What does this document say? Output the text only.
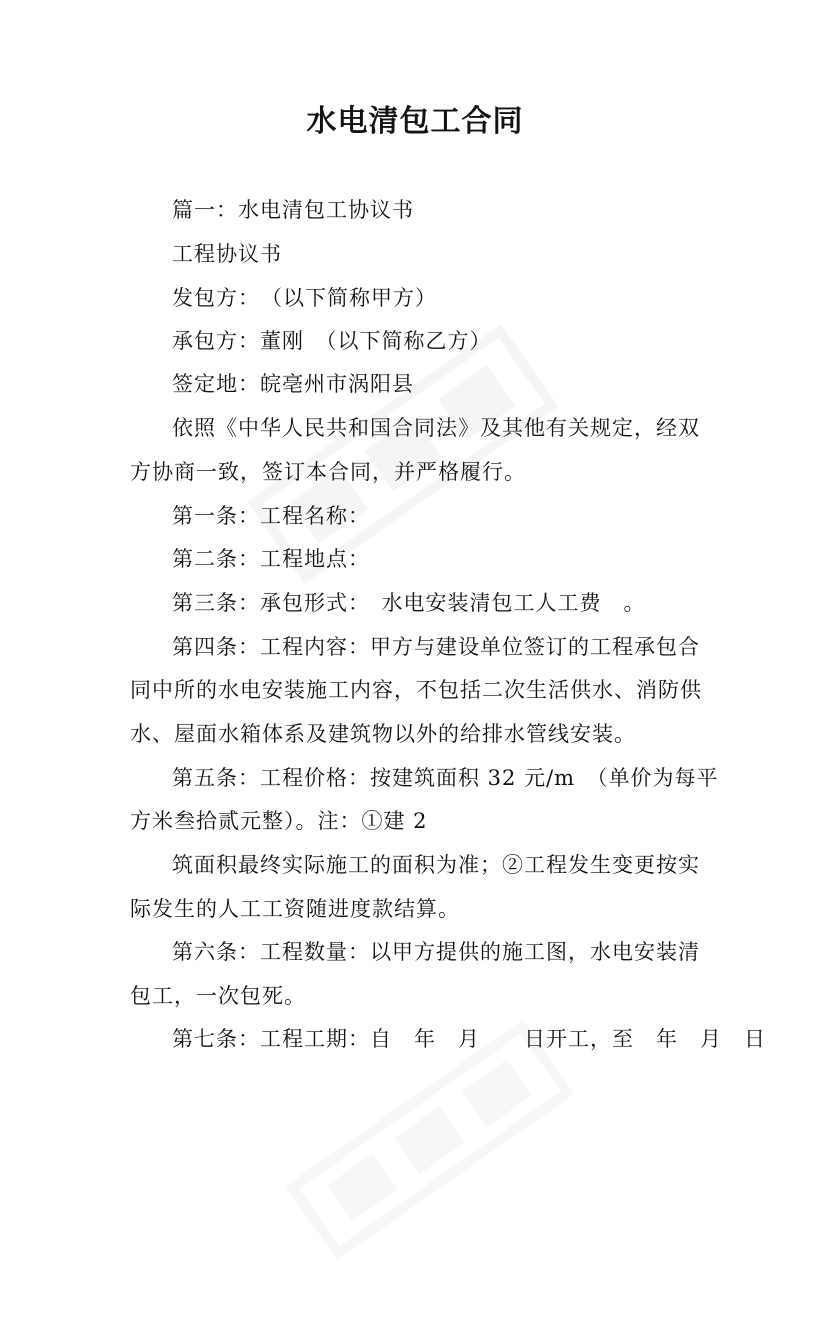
水电清包工合同
篇一：水电清包工协议书
工程协议书
发包方：　（以下简称甲方）
承包方：董刚　（以下简称乙方）
签定地：皖亳州市涡阳县
依照《中华人民共和国合同法》及其他有关规定，经双
方协商一致，签订本合同，并严格履行。
第一条：工程名称：
第二条：工程地点：
第三条：承包形式：　水电安装清包工人工费　。
第四条：工程内容：甲方与建设单位签订的工程承包合
同中所的水电安装施工内容，不包括二次生活供水、消防供
水、屋面水箱体系及建筑物以外的给排水管线安装。
第五条：工程价格：按建筑面积 32 元/m　（单价为每平
方米叁拾贰元整）。注：①建 2
筑面积最终实际施工的面积为准；②工程发生变更按实
际发生的人工工资随进度款结算。
第六条：工程数量：以甲方提供的施工图，水电安装清
包工，一次包死。
第七条：工程工期：自　年　月　　日开工，至　年　月　日
